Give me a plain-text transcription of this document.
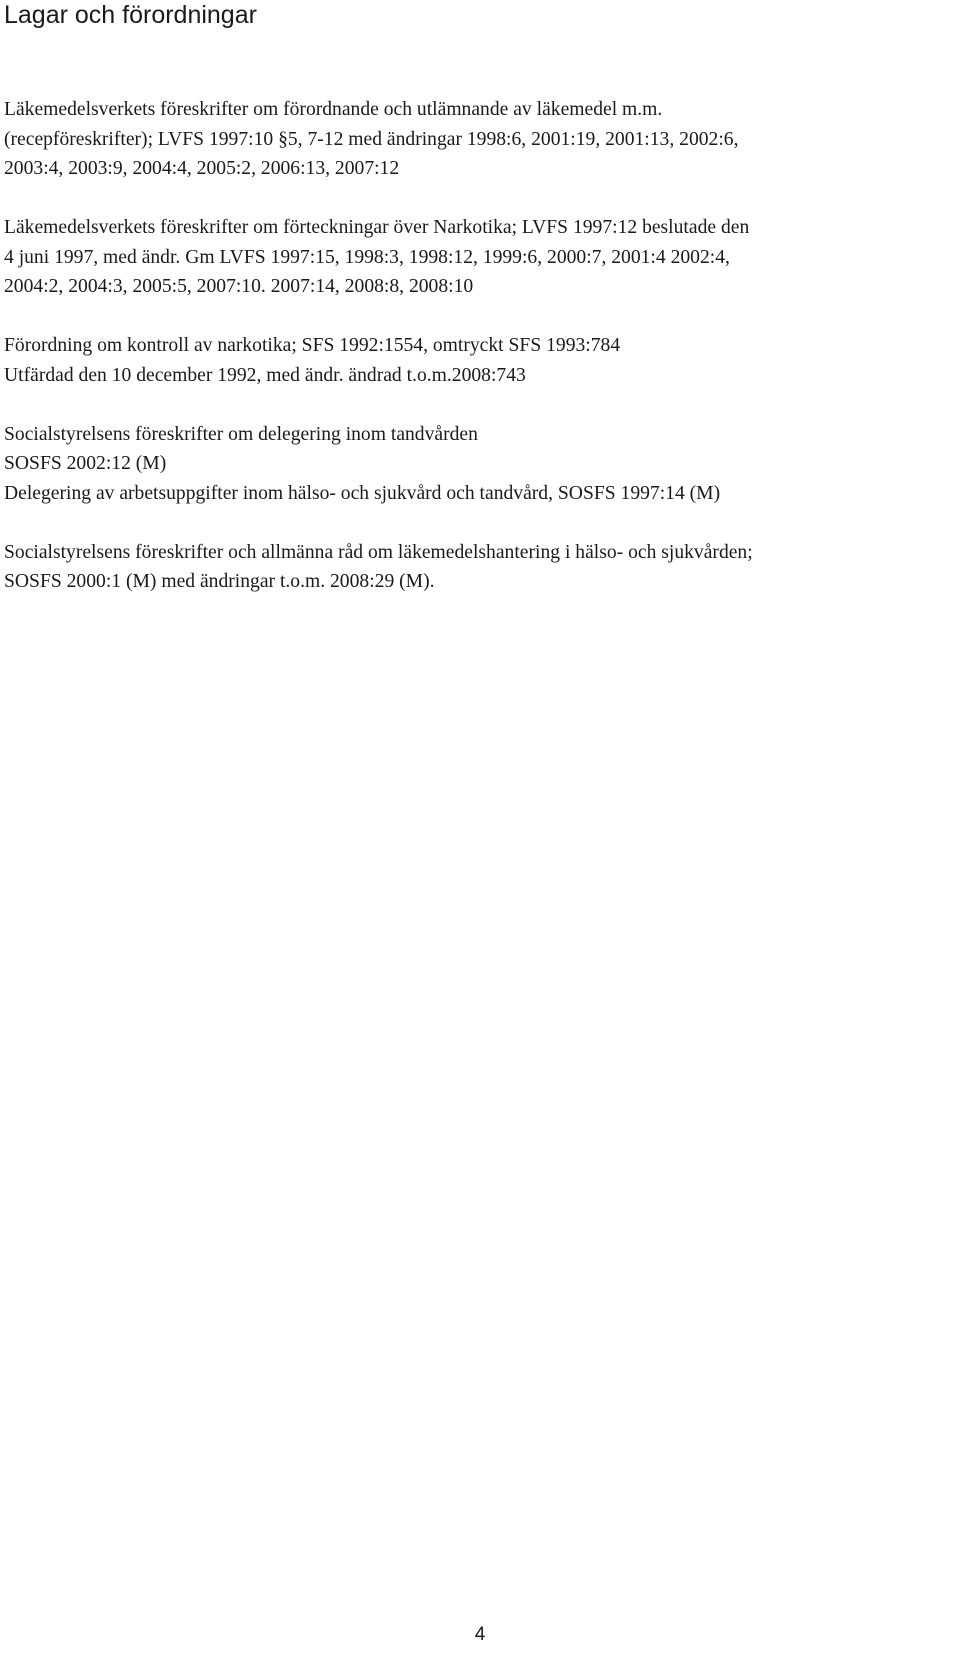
Lagar och förordningar

Läkemedelsverkets föreskrifter om förordnande och utlämnande av läkemedel m.m.
(recepföreskrifter); LVFS 1997:10 §5, 7-12 med ändringar 1998:6, 2001:19, 2001:13, 2002:6,
2003:4, 2003:9, 2004:4, 2005:2, 2006:13, 2007:12

Läkemedelsverkets föreskrifter om förteckningar över Narkotika; LVFS 1997:12 beslutade den
4 juni 1997, med ändr. Gm LVFS 1997:15, 1998:3, 1998:12, 1999:6, 2000:7, 2001:4 2002:4,
2004:2, 2004:3, 2005:5, 2007:10. 2007:14, 2008:8, 2008:10

Förordning om kontroll av narkotika; SFS 1992:1554, omtryckt SFS 1993:784
Utfärdad den 10 december 1992, med ändr. ändrad t.o.m.2008:743

Socialstyrelsens föreskrifter om delegering inom tandvården
SOSFS 2002:12 (M)
Delegering av arbetsuppgifter inom hälso- och sjukvård och tandvård, SOSFS 1997:14 (M)

Socialstyrelsens föreskrifter och allmänna råd om läkemedelshantering i hälso- och sjukvården;
SOSFS 2000:1 (M) med ändringar t.o.m. 2008:29 (M).

4
